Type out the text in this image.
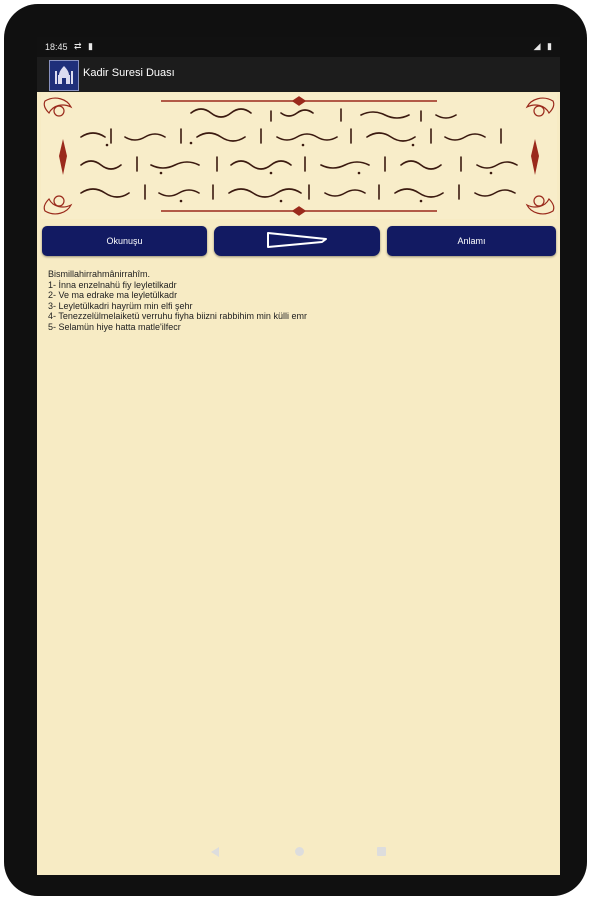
18:45 ⇄ ▮	◢ ▮
Kadir Suresi Duası
Okunuşu	Anlamı
Bismillahirrahmânirrahîm.
1- İnna enzelnahü fiy leyletilkadr
2- Ve ma edrake ma leyletülkadr
3- Leyletülkadri hayrüm min elfi şehr
4- Tenezzelülmelaiketü verruhu fiyha biizni rabbihim min külli emr
5- Selamün hiye hatta matle'ilfecr
